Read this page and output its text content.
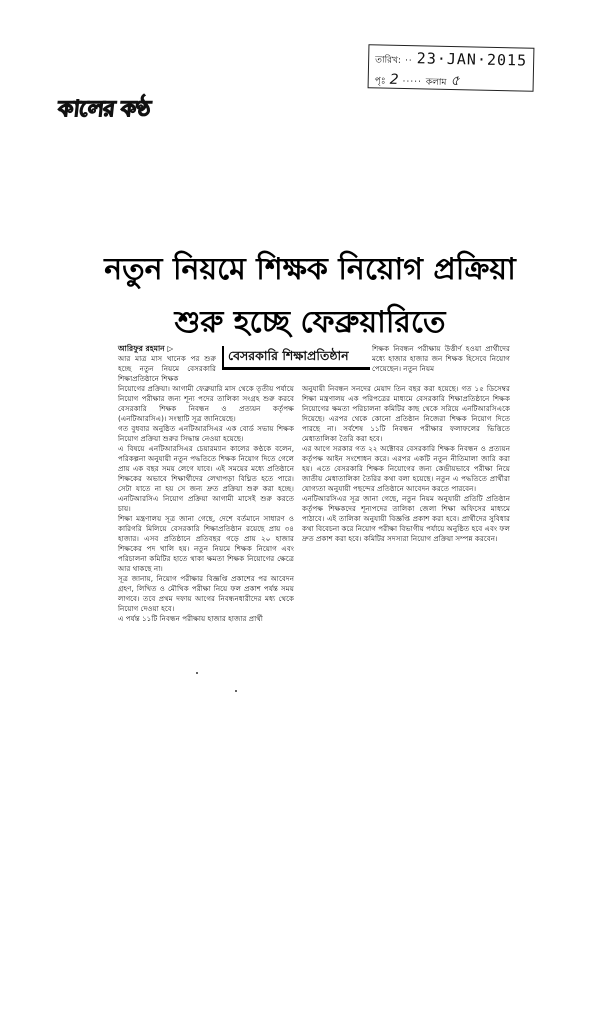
কালের কণ্ঠ
তারিখ: ·· 23·JAN·2015
পৃঃ 2 ····· কলাম ৫
নতুন নিয়মে শিক্ষক নিয়োগ প্রক্রিয়া
শুরু হচ্ছে ফেব্রুয়ারিতে
বেসরকারি শিক্ষাপ্রতিষ্ঠান
আরিফুর রহমান ▷

আর মাত্র মাস খানেক পর শুরু হচ্ছে নতুন নিয়মে বেসরকারি শিক্ষাপ্রতিষ্ঠানে শিক্ষক

নিয়োগের প্রক্রিয়া। আগামী ফেব্রুয়ারি মাস থেকে তৃতীয় পর্যায়ে নিয়োগ পরীক্ষার জন্য শূন্য পদের তালিকা সংগ্রহ শুরু করবে বেসরকারি শিক্ষক নিবন্ধন ও প্রত্যয়ন কর্তৃপক্ষ (এনটিআরসিএ)। সংস্থাটি সূত্র জানিয়েছে।

গত বুধবার অনুষ্ঠিত এনটিআরসিএর এক বোর্ড সভায় শিক্ষক নিয়োগ প্রক্রিয়া শুরুর সিদ্ধান্ত নেওয়া হয়েছে।

এ বিষয়ে এনটিআরসিএর চেয়ারম্যান কালের কণ্ঠকে বলেন, পরিকল্পনা অনুযায়ী নতুন পদ্ধতিতে শিক্ষক নিয়োগ দিতে গেলে প্রায় এক বছর সময় লেগে যাবে। এই সময়ের মধ্যে প্রতিষ্ঠানে শিক্ষকের অভাবে শিক্ষার্থীদের লেখাপড়া বিঘ্নিত হতে পারে। সেটা যাতে না হয় সে জন্য দ্রুত প্রক্রিয়া শুরু করা হচ্ছে। এনটিআরসিএ নিয়োগ প্রক্রিয়া আগামী মাসেই শুরু করতে চায়।

শিক্ষা মন্ত্রণালয় সূত্র জানা গেছে, দেশে বর্তমানে সাধারণ ও কারিগরি মিলিয়ে বেসরকারি শিক্ষাপ্রতিষ্ঠান রয়েছে প্রায় ৩৪ হাজার। এসব প্রতিষ্ঠানে প্রতিবছর গড়ে প্রায় ২০ হাজার শিক্ষকের পদ খালি হয়। নতুন নিয়মে শিক্ষক নিয়োগ এবং পরিচালনা কমিটির হাতে থাকা ক্ষমতা শিক্ষক নিয়োগের ক্ষেত্রে আর থাকছে না।

সূত্র জানায়, নিয়োগ পরীক্ষার বিজ্ঞপ্তি প্রকাশের পর আবেদন গ্রহণ, লিখিত ও মৌখিক পরীক্ষা নিয়ে ফল প্রকাশ পর্যন্ত সময় লাগবে। তবে প্রথম দফায় আগের নিবন্ধনধারীদের মধ্য থেকে নিয়োগ দেওয়া হবে।

এ পর্যন্ত ১১টি নিবন্ধন পরীক্ষায় হাজার হাজার প্রার্থী

শিক্ষক নিবন্ধন পরীক্ষায় উত্তীর্ণ হওয়া প্রার্থীদের মধ্যে হাজার হাজার জন শিক্ষক হিসেবে নিয়োগ পেয়েছেন। নতুন নিয়ম

অনুযায়ী নিবন্ধন সনদের মেয়াদ তিন বছর করা হয়েছে। গত ১৫ ডিসেম্বর শিক্ষা মন্ত্রণালয় এক পরিপত্রের মাধ্যমে বেসরকারি শিক্ষাপ্রতিষ্ঠানে শিক্ষক নিয়োগের ক্ষমতা পরিচালনা কমিটির কাছ থেকে সরিয়ে এনটিআরসিএকে দিয়েছে। এরপর থেকে কোনো প্রতিষ্ঠান নিজেরা শিক্ষক নিয়োগ দিতে পারছে না। সর্বশেষ ১১টি নিবন্ধন পরীক্ষার ফলাফলের ভিত্তিতে মেধাতালিকা তৈরি করা হবে।

এর আগে সরকার গত ২২ অক্টোবর বেসরকারি শিক্ষক নিবন্ধন ও প্রত্যয়ন কর্তৃপক্ষ আইন সংশোধন করে। এরপর একটি নতুন নীতিমালা জারি করা হয়। এতে বেসরকারি শিক্ষক নিয়োগের জন্য কেন্দ্রীয়ভাবে পরীক্ষা নিয়ে জাতীয় মেধাতালিকা তৈরির কথা বলা হয়েছে। নতুন এ পদ্ধতিতে প্রার্থীরা যোগ্যতা অনুযায়ী পছন্দের প্রতিষ্ঠানে আবেদন করতে পারবেন।

এনটিআরসিএর সূত্র জানা গেছে, নতুন নিয়ম অনুযায়ী প্রতিটি প্রতিষ্ঠান কর্তৃপক্ষ শিক্ষকদের শূন্যপদের তালিকা জেলা শিক্ষা অফিসের মাধ্যমে পাঠাবে। এই তালিকা অনুযায়ী বিজ্ঞপ্তি প্রকাশ করা হবে। প্রার্থীদের সুবিধার কথা বিবেচনা করে নিয়োগ পরীক্ষা বিভাগীয় পর্যায়ে অনুষ্ঠিত হবে এবং ফল দ্রুত প্রকাশ করা হবে। কমিটির সদস্যরা নিয়োগ প্রক্রিয়া সম্পন্ন করবেন।
